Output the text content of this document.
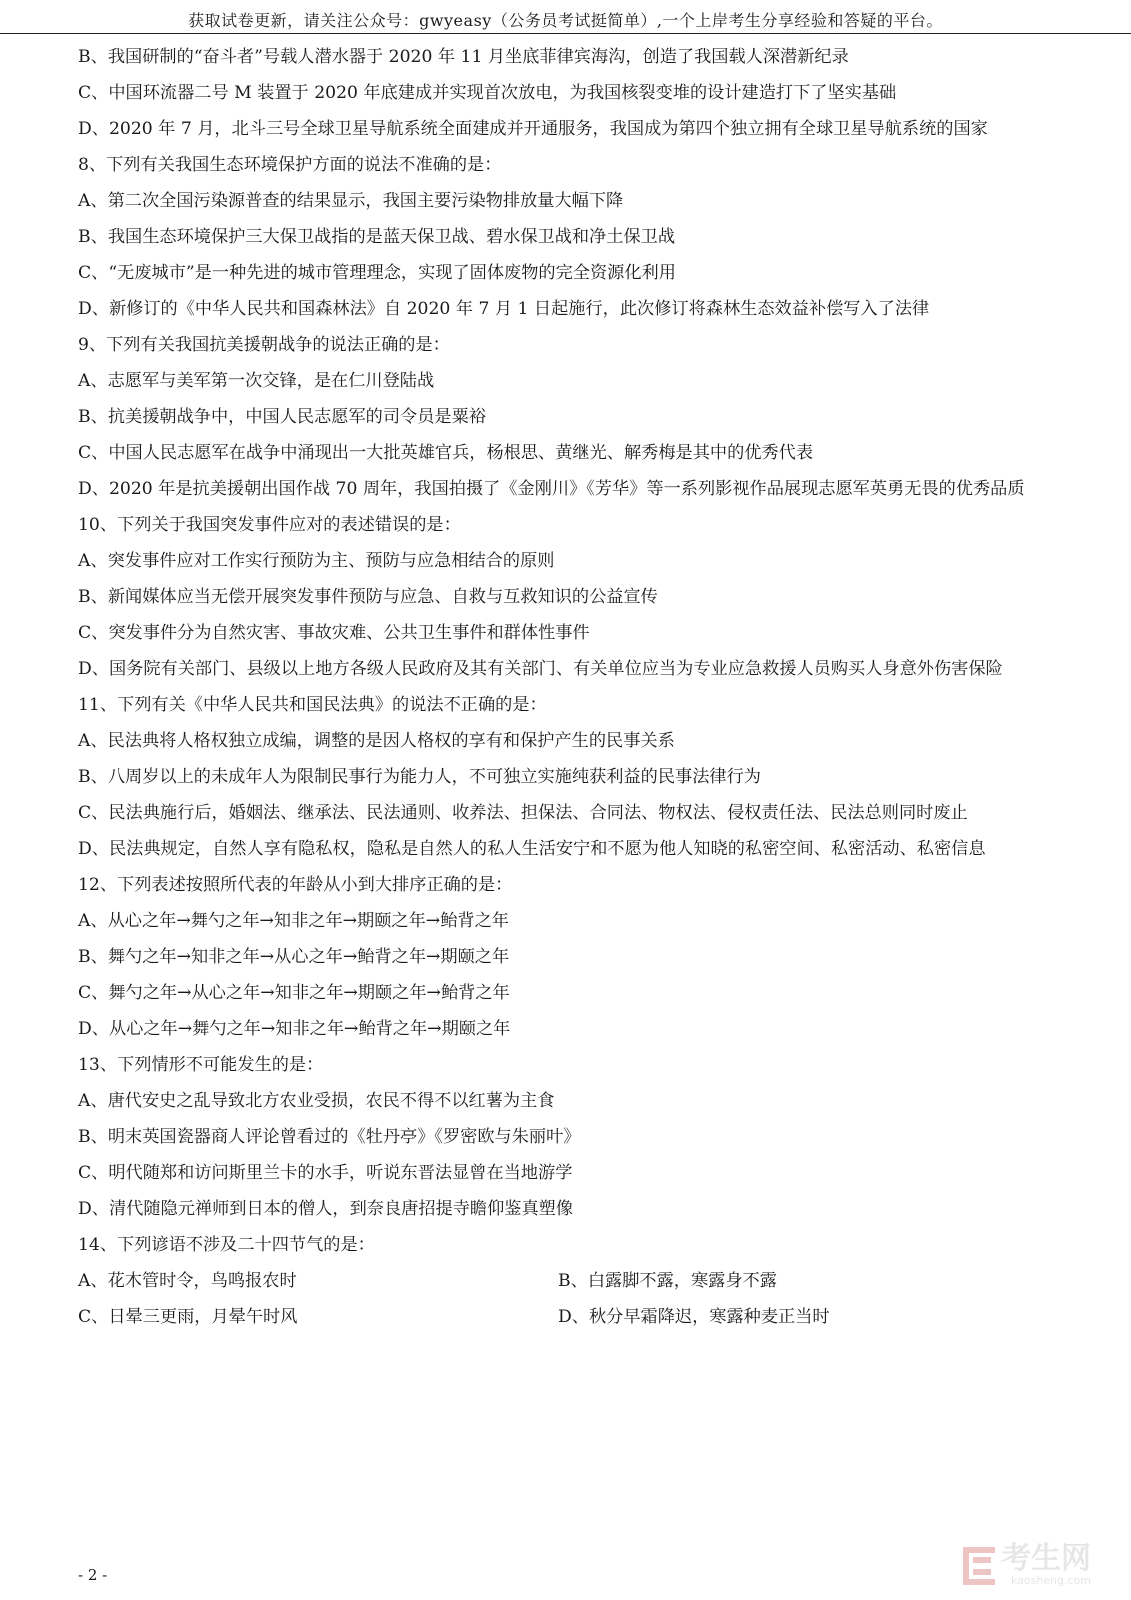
获取试卷更新，请关注公众号：gwyeasy（公务员考试挺简单）,一个上岸考生分享经验和答疑的平台。

B、我国研制的“奋斗者”号载人潜水器于 2020 年 11 月坐底菲律宾海沟，创造了我国载人深潜新纪录

C、中国环流器二号 M 装置于 2020 年底建成并实现首次放电，为我国核裂变堆的设计建造打下了坚实基础

D、2020 年 7 月，北斗三号全球卫星导航系统全面建成并开通服务，我国成为第四个独立拥有全球卫星导航系统的国家

8、下列有关我国生态环境保护方面的说法不准确的是：

A、第二次全国污染源普查的结果显示，我国主要污染物排放量大幅下降

B、我国生态环境保护三大保卫战指的是蓝天保卫战、碧水保卫战和净土保卫战

C、“无废城市”是一种先进的城市管理理念，实现了固体废物的完全资源化利用

D、新修订的《中华人民共和国森林法》自 2020 年 7 月 1 日起施行，此次修订将森林生态效益补偿写入了法律

9、下列有关我国抗美援朝战争的说法正确的是：

A、志愿军与美军第一次交锋，是在仁川登陆战

B、抗美援朝战争中，中国人民志愿军的司令员是粟裕

C、中国人民志愿军在战争中涌现出一大批英雄官兵，杨根思、黄继光、解秀梅是其中的优秀代表

D、2020 年是抗美援朝出国作战 70 周年，我国拍摄了《金刚川》《芳华》等一系列影视作品展现志愿军英勇无畏的优秀品质

10、下列关于我国突发事件应对的表述错误的是：

A、突发事件应对工作实行预防为主、预防与应急相结合的原则

B、新闻媒体应当无偿开展突发事件预防与应急、自救与互救知识的公益宣传

C、突发事件分为自然灾害、事故灾难、公共卫生事件和群体性事件

D、国务院有关部门、县级以上地方各级人民政府及其有关部门、有关单位应当为专业应急救援人员购买人身意外伤害保险

11、下列有关《中华人民共和国民法典》的说法不正确的是：

A、民法典将人格权独立成编，调整的是因人格权的享有和保护产生的民事关系

B、八周岁以上的未成年人为限制民事行为能力人，不可独立实施纯获利益的民事法律行为

C、民法典施行后，婚姻法、继承法、民法通则、收养法、担保法、合同法、物权法、侵权责任法、民法总则同时废止

D、民法典规定，自然人享有隐私权，隐私是自然人的私人生活安宁和不愿为他人知晓的私密空间、私密活动、私密信息

12、下列表述按照所代表的年龄从小到大排序正确的是：

A、从心之年→舞勺之年→知非之年→期颐之年→鲐背之年

B、舞勺之年→知非之年→从心之年→鲐背之年→期颐之年

C、舞勺之年→从心之年→知非之年→期颐之年→鲐背之年

D、从心之年→舞勺之年→知非之年→鲐背之年→期颐之年

13、下列情形不可能发生的是：

A、唐代安史之乱导致北方农业受损，农民不得不以红薯为主食

B、明末英国瓷器商人评论曾看过的《牡丹亭》《罗密欧与朱丽叶》

C、明代随郑和访问斯里兰卡的水手，听说东晋法显曾在当地游学

D、清代随隐元禅师到日本的僧人，到奈良唐招提寺瞻仰鉴真塑像

14、下列谚语不涉及二十四节气的是：

A、花木管时令，鸟鸣报农时	B、白露脚不露，寒露身不露
C、日晕三更雨，月晕午时风	D、秋分早霜降迟，寒露种麦正当时
- 2 -	考生网
kaosheng.com
